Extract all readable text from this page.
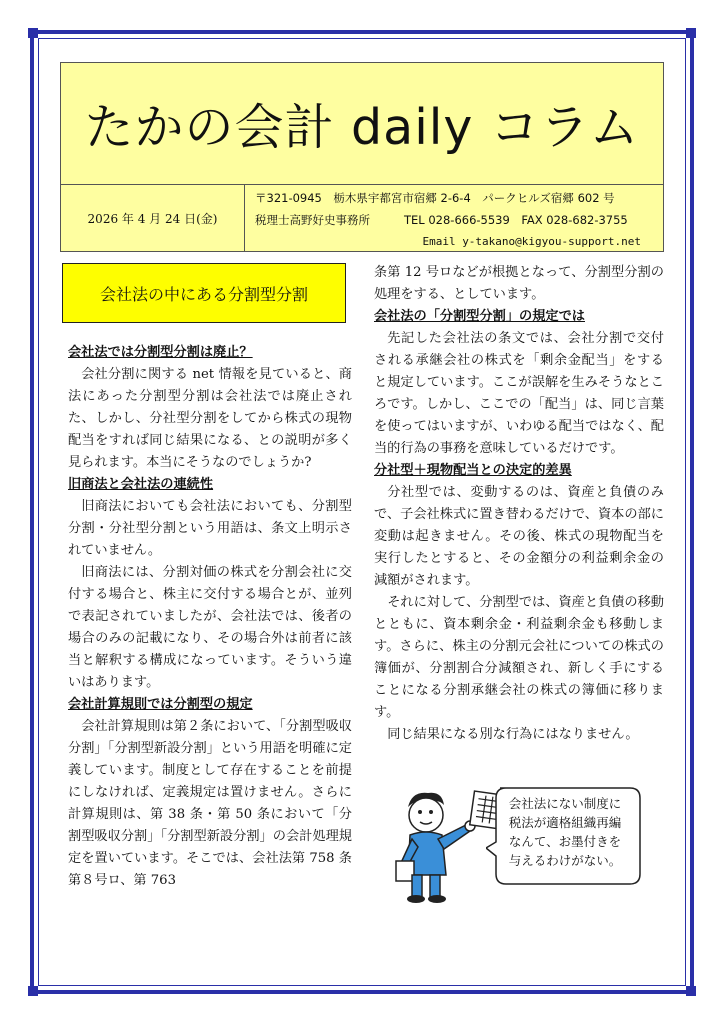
たかの会計 daily コラム
2026 年 4 月 24 日(金)
〒321-0945　栃木県宇都宮市宿郷 2-6-4　パークヒルズ宿郷 602 号
税理士高野好史事務所	TEL 028-666-5539　FAX 028-682-3755
Email y-takano@kigyou-support.net
会社法の中にある分割型分割
会社法では分割型分割は廃止？

会社分割に関する net 情報を見ていると、商法にあった分割型分割は会社法では廃止された、しかし、分社型分割をしてから株式の現物配当をすれば同じ結果になる、との説明が多く見られます。本当にそうなのでしょうか?

旧商法と会社法の連続性

旧商法においても会社法においても、分割型分割・分社型分割という用語は、条文上明示されていません。

旧商法には、分割対価の株式を分割会社に交付する場合と、株主に交付する場合とが、並列で表記されていましたが、会社法では、後者の場合のみの記載になり、その場合外は前者に該当と解釈する構成になっています。そういう違いはあります。

会社計算規則では分割型の規定

会社計算規則は第２条において、「分割型吸収分割」「分割型新設分割」という用語を明確に定義しています。制度として存在することを前提にしなければ、定義規定は置けません。さらに計算規則は、第 38 条・第 50 条において「分割型吸収分割」「分割型新設分割」の会計処理規定を置いています。そこでは、会社法第 758 条第８号ロ、第 763

条第 12 号ロなどが根拠となって、分割型分割の処理をする、としています。

会社法の「分割型分割」の規定では

先記した会社法の条文では、会社分割で交付される承継会社の株式を「剰余金配当」をすると規定しています。ここが誤解を生みそうなところです。しかし、ここでの「配当」は、同じ言葉を使ってはいますが、いわゆる配当ではなく、配当的行為の事務を意味しているだけです。

分社型＋現物配当との決定的差異

分社型では、変動するのは、資産と負債のみで、子会社株式に置き替わるだけで、資本の部に変動は起きません。その後、株式の現物配当を実行したとすると、その金額分の利益剰余金の減額がされます。

それに対して、分割型では、資産と負債の移動とともに、資本剰余金・利益剰余金も移動します。さらに、株主の分割元会社についての株式の簿価が、分割割合分減額され、新しく手にすることになる分割承継会社の株式の簿価に移ります。

同じ結果になる別な行為にはなりません。

会社法にない制度に
税法が適格組織再編
なんて、お墨付きを
与えるわけがない。
